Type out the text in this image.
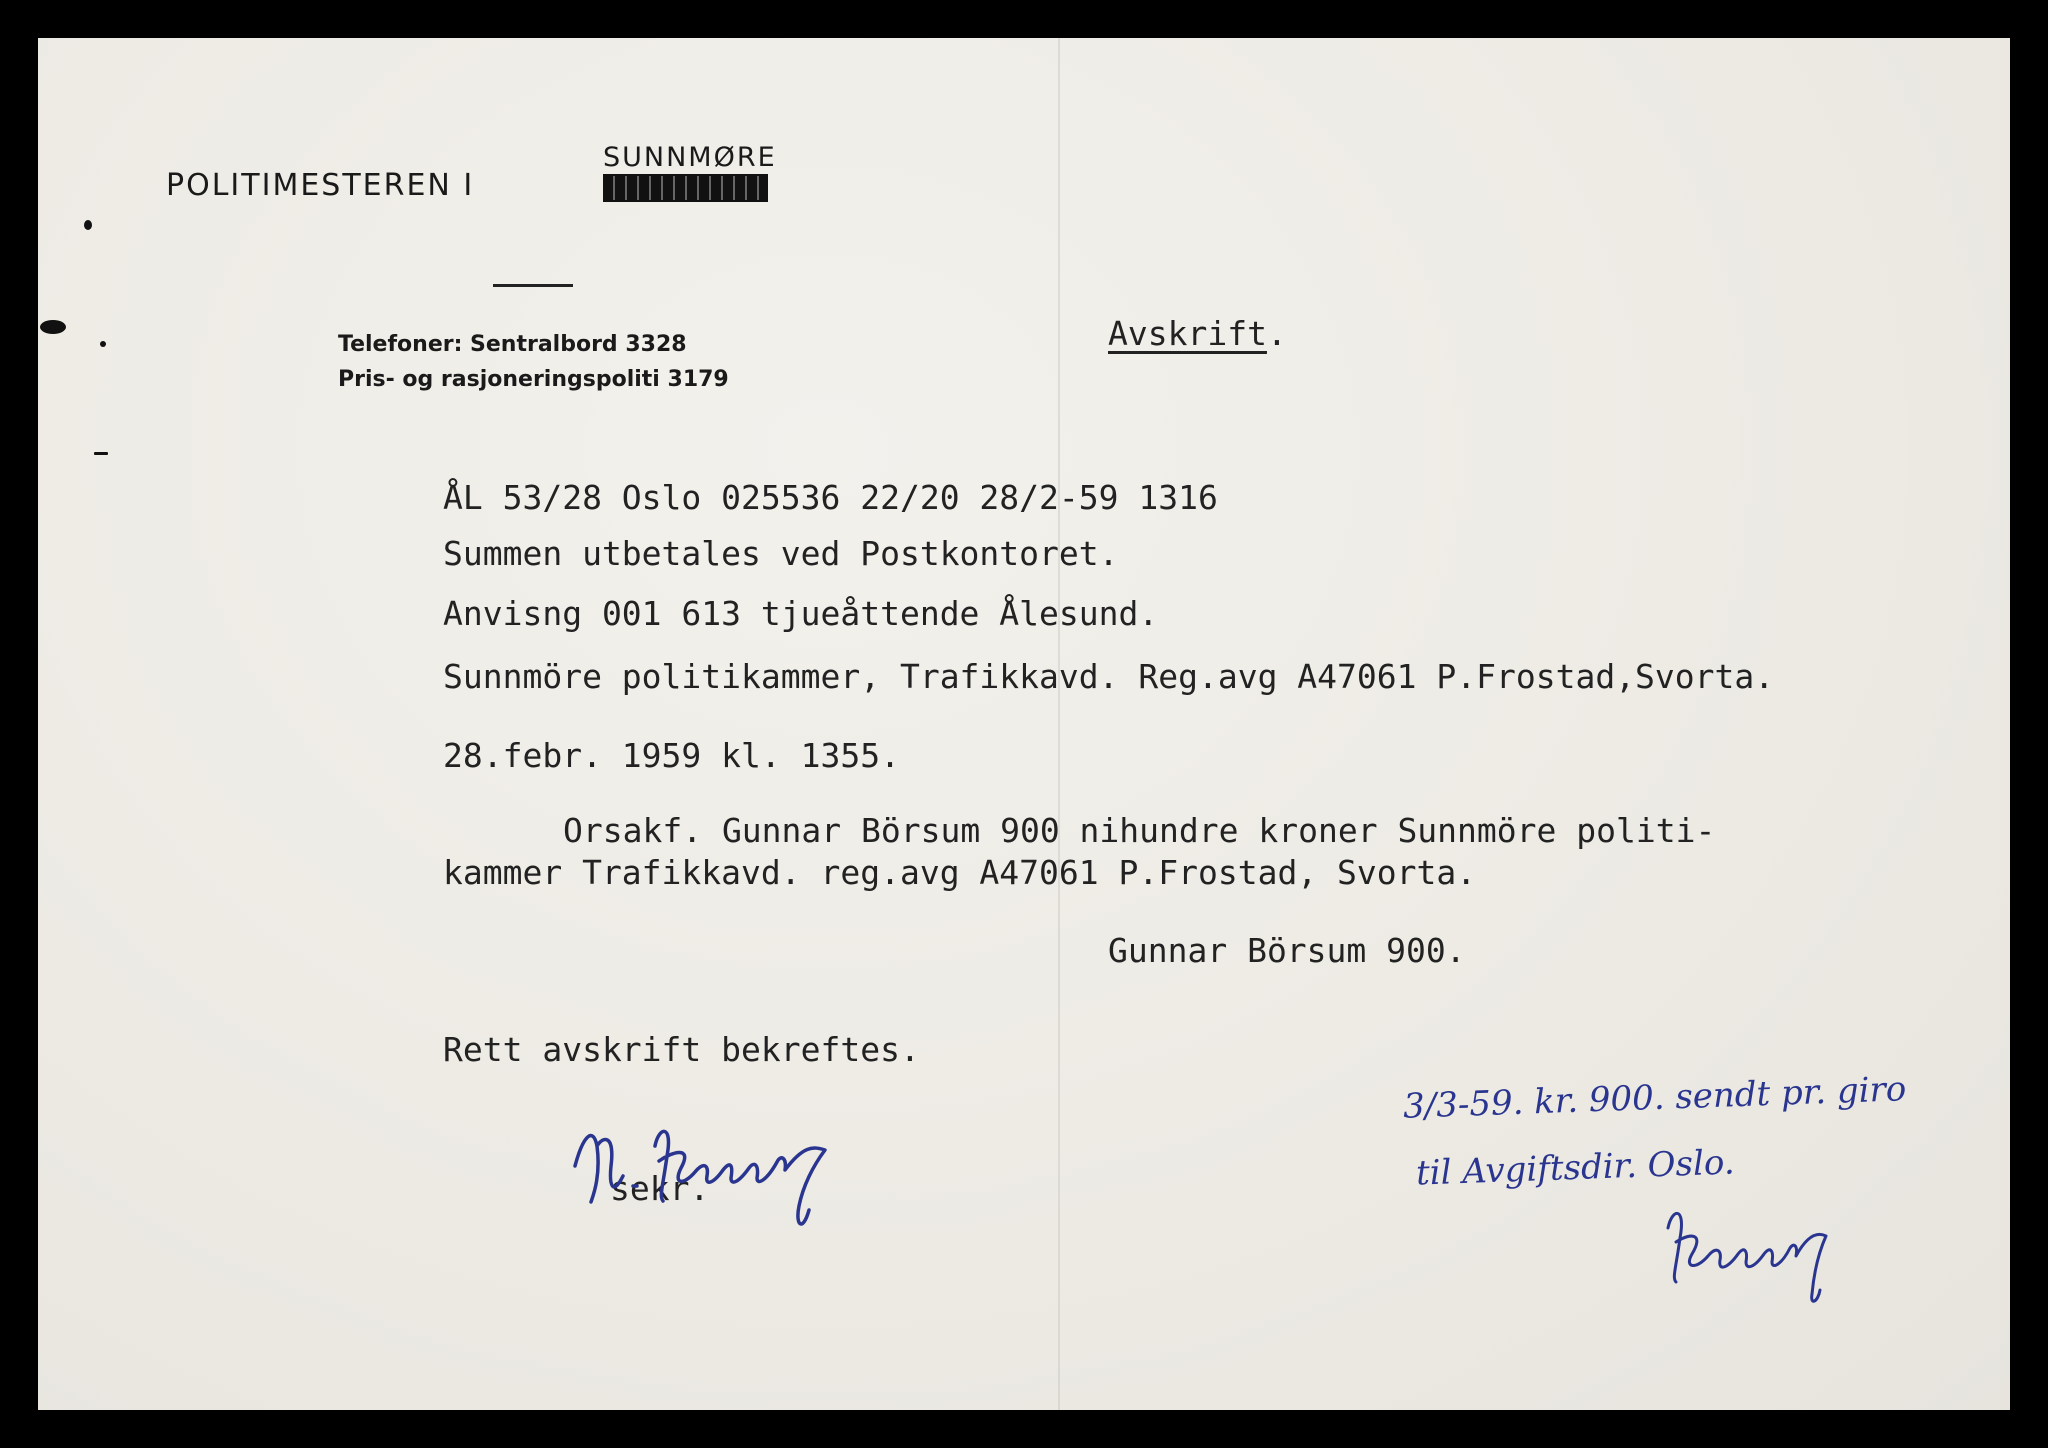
POLITIMESTEREN I
SUNNMØRE
Telefoner: Sentralbord 3328
Pris- og rasjoneringspoliti 3179
Avskrift.
ÅL 53/28 Oslo 025536 22/20 28/2-59 1316
Summen utbetales ved Postkontoret.
Anvisng 001 613 tjueåttende Ålesund.
Sunnmöre politikammer, Trafikkavd. Reg.avg A47061 P.Frostad,Svorta.
28.febr. 1959 kl. 1355.
Orsakf. Gunnar Börsum 900 nihundre kroner Sunnmöre politi-
kammer Trafikkavd. reg.avg A47061 P.Frostad, Svorta.
Gunnar Börsum 900.
Rett avskrift bekreftes.
sekr.
3/3-59. kr. 900. sendt pr. giro
til Avgiftsdir. Oslo.
